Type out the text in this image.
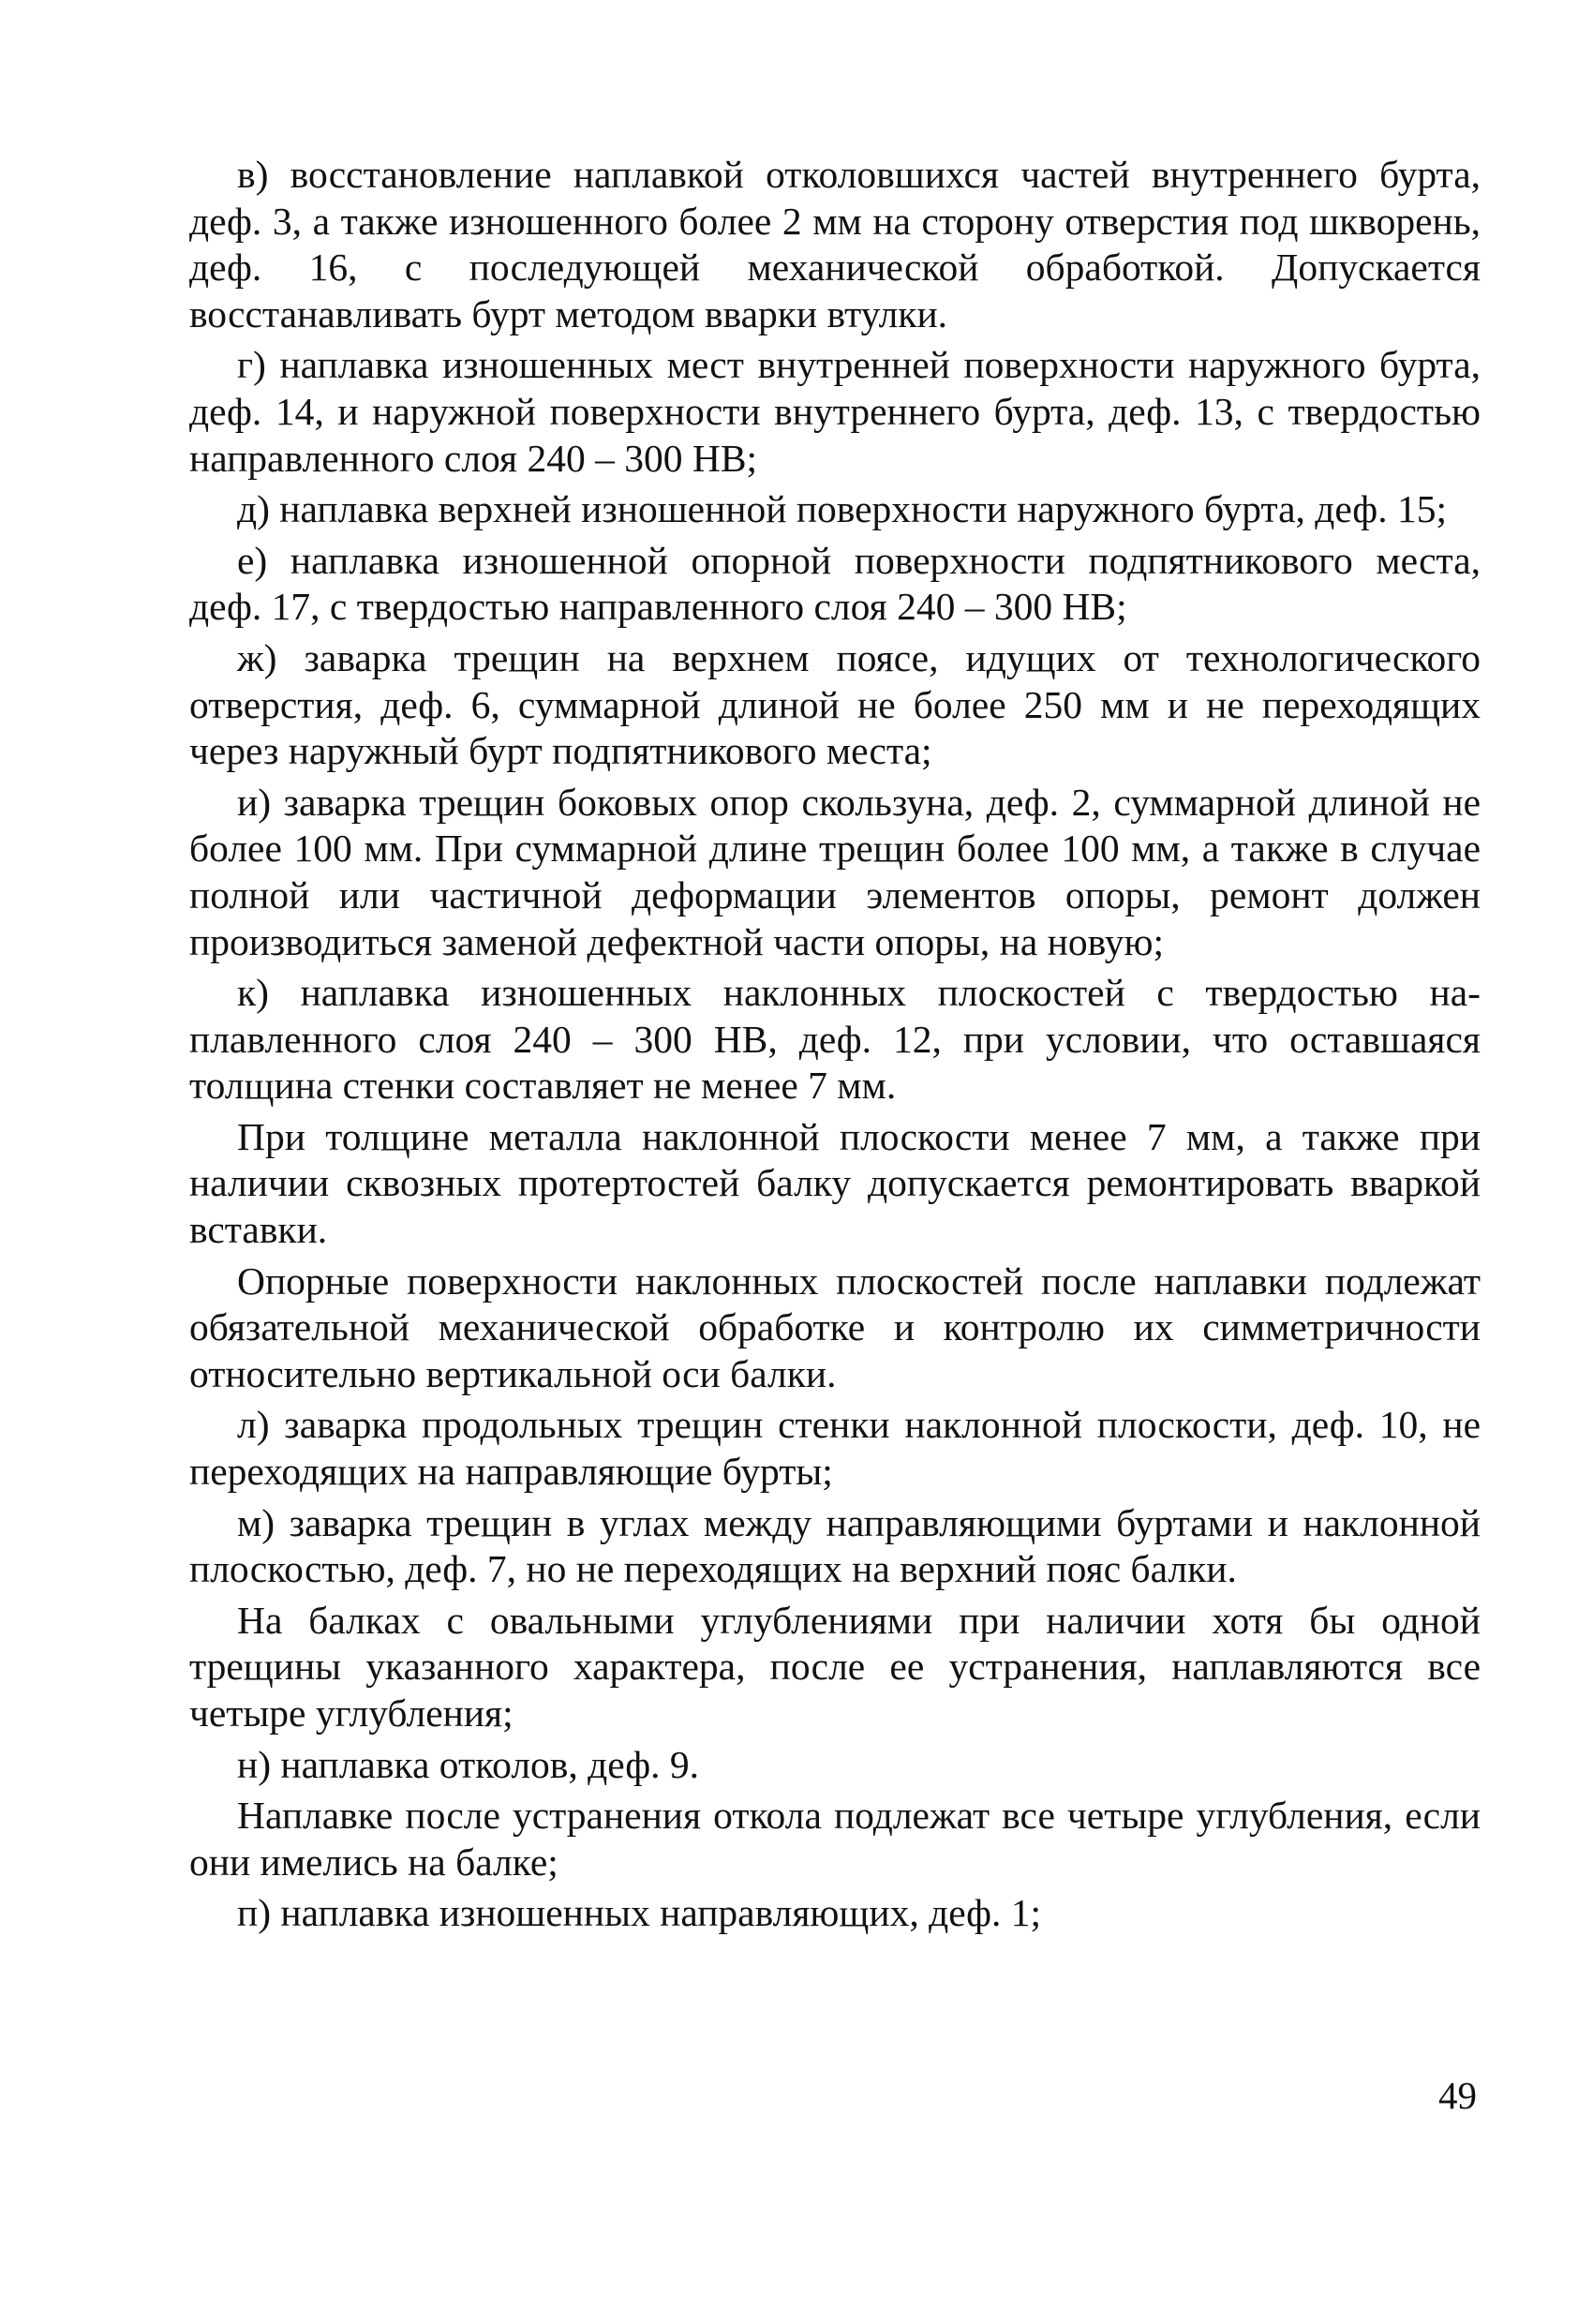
в) восстановление наплавкой отколовшихся частей внутреннего бурта, деф. 3, а также изношенного более 2 мм на сторону отверстия под шкворень, деф. 16, с последующей механической обработкой. Допускается восстанавливать бурт методом вварки втулки.

г) наплавка изношенных мест внутренней поверхности наружного бурта, деф. 14, и наружной поверхности внутреннего бурта, деф. 13, с твердостью направленного слоя 240 – 300 НВ;

д) наплавка верхней изношенной поверхности наружного бурта, деф. 15;

е) наплавка изношенной опорной поверхности подпятникового места, деф. 17, с твердостью направленного слоя 240 – 300 НВ;

ж) заварка трещин на верхнем поясе, идущих от технологического отверстия, деф. 6, суммарной длиной не более 250 мм и не переходящих через наружный бурт подпятникового места;

и) заварка трещин боковых опор скользуна, деф. 2, суммарной длиной не более 100 мм. При суммарной длине трещин более 100 мм, а также в случае полной или частичной деформации элементов опоры, ремонт должен производиться заменой дефектной части опоры, на новую;

к) наплавка изношенных наклонных плоскостей с твердостью наплавленного слоя 240 – 300 НВ, деф. 12, при условии, что оставшаяся толщина стенки составляет не менее 7 мм.

При толщине металла наклонной плоскости менее 7 мм, а также при наличии сквозных протертостей балку допускается ремонтировать вваркой вставки.

Опорные поверхности наклонных плоскостей после наплавки подлежат обязательной механической обработке и контролю их симметричности относительно вертикальной оси балки.

л) заварка продольных трещин стенки наклонной плоскости, деф. 10, не переходящих на направляющие бурты;

м) заварка трещин в углах между направляющими буртами и наклонной плоскостью, деф. 7, но не переходящих на верхний пояс балки.

На балках с овальными углублениями при наличии хотя бы одной трещины указанного характера, после ее устранения, наплавляются все четыре углубления;

н) наплавка отколов, деф. 9.

Наплавке после устранения откола подлежат все четыре углубления, если они имелись на балке;

п) наплавка изношенных направляющих, деф. 1;

49
